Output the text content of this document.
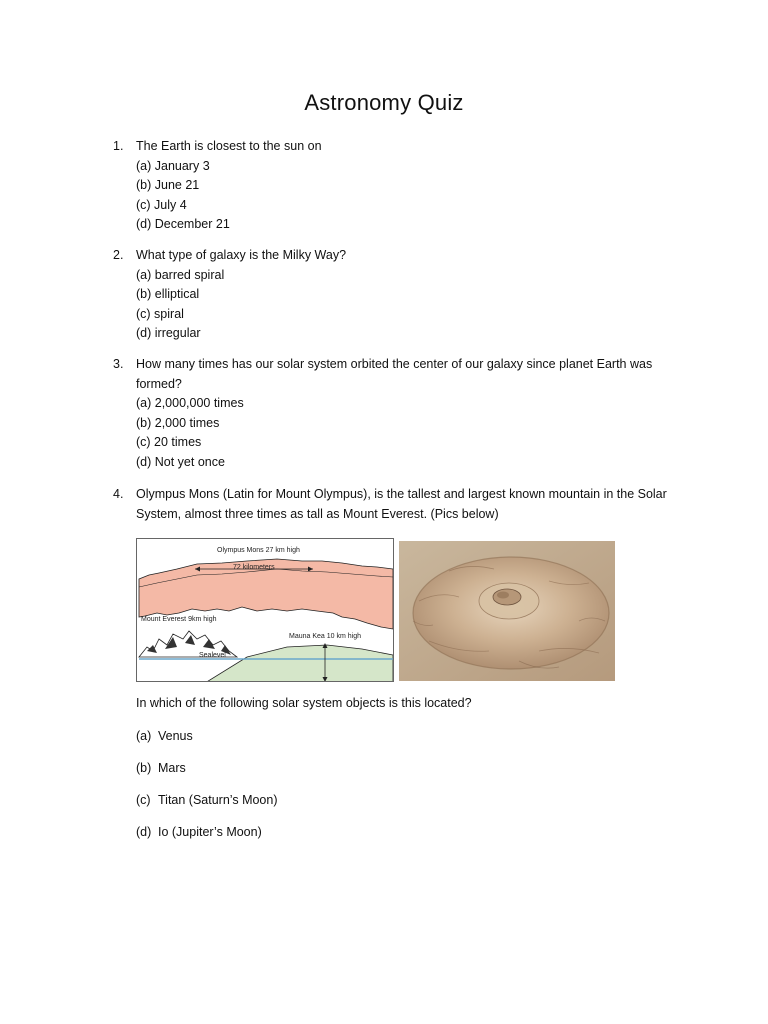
Astronomy Quiz
1. The Earth is closest to the sun on
(a) January 3
(b) June 21
(c) July 4
(d) December 21
2. What type of galaxy is the Milky Way?
(a) barred spiral
(b) elliptical
(c) spiral
(d) irregular
3. How many times has our solar system orbited the center of our galaxy since planet Earth was formed?
(a) 2,000,000 times
(b) 2,000 times
(c) 20 times
(d) Not yet once
4. Olympus Mons (Latin for Mount Olympus), is the tallest and largest known mountain in the Solar System, almost three times as tall as Mount Everest. (Pics below)
Olympus Mons 27 km high
72 kilometers
Mount Everest 9km high
Mauna Kea 10 km high
Sealevel
In which of the following solar system objects is this located?
(a) Venus
(b) Mars
(c) Titan (Saturn’s Moon)
(d) Io (Jupiter’s Moon)
